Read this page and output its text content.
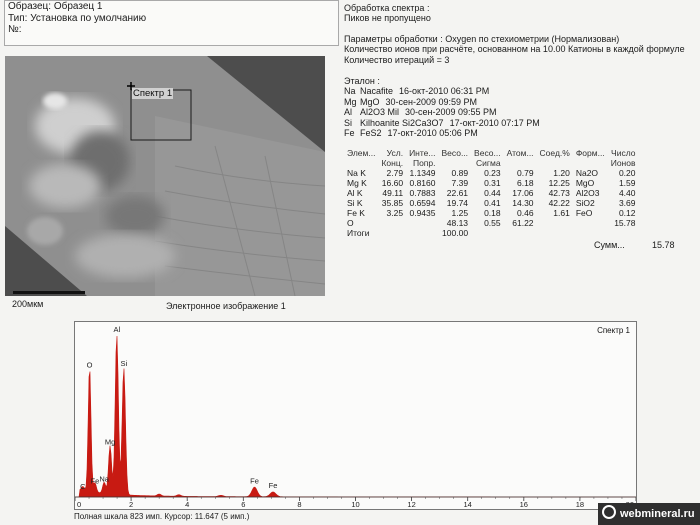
Образец: Образец 1
Тип: Установка по умолчанию
№:
Обработка спектра :
Пиков не пропущено
Параметры обработки : Oxygen по стехиометрии (Нормализован)
Количество ионов при расчёте, основанном на 10.00 Катионы в каждой формуле
Количество итераций = 3
Эталон :
Na Nacafite 16-окт-2010 06:31 PM
Mg MgO 30-сен-2009 09:59 PM
Al Al2O3 Mil 30-сен-2009 09:55 PM
Si Kilhoanite Si2Ca3O7 17-окт-2010 07:17 PM
Fe FeS2 17-окт-2010 05:06 PM
Элем...	Усл.	Инте...	Весо...	Весо...	Атом...	Соед.%	Форм...	Число
	Конц.	Попр.		Сигма				Ионов
Na K	2.79	1.1349	0.89	0.23	0.79	1.20	Na2O	0.20
Mg K	16.60	0.8160	7.39	0.31	6.18	12.25	MgO	1.59
Al K	49.11	0.7883	22.61	0.44	17.06	42.73	Al2O3	4.40
Si K	35.85	0.6594	19.74	0.41	14.30	42.22	SiO2	3.69
Fe K	3.25	0.9435	1.25	0.18	0.46	1.61	FeO	0.12
O			48.13	0.55	61.22			15.78
Итоги			100.00					
Сумм...	15.78
Спектр 1
200мкм	Электронное изображение 1
Спектр 1
C
O
Fe Na
Mg
Al
Si
Fe
Fe
0	2	4	6	8	10	12	14	16	18
Полная шкала 823 имп. Курсор: 11.647 (5 имп.)	webmineral.ru
